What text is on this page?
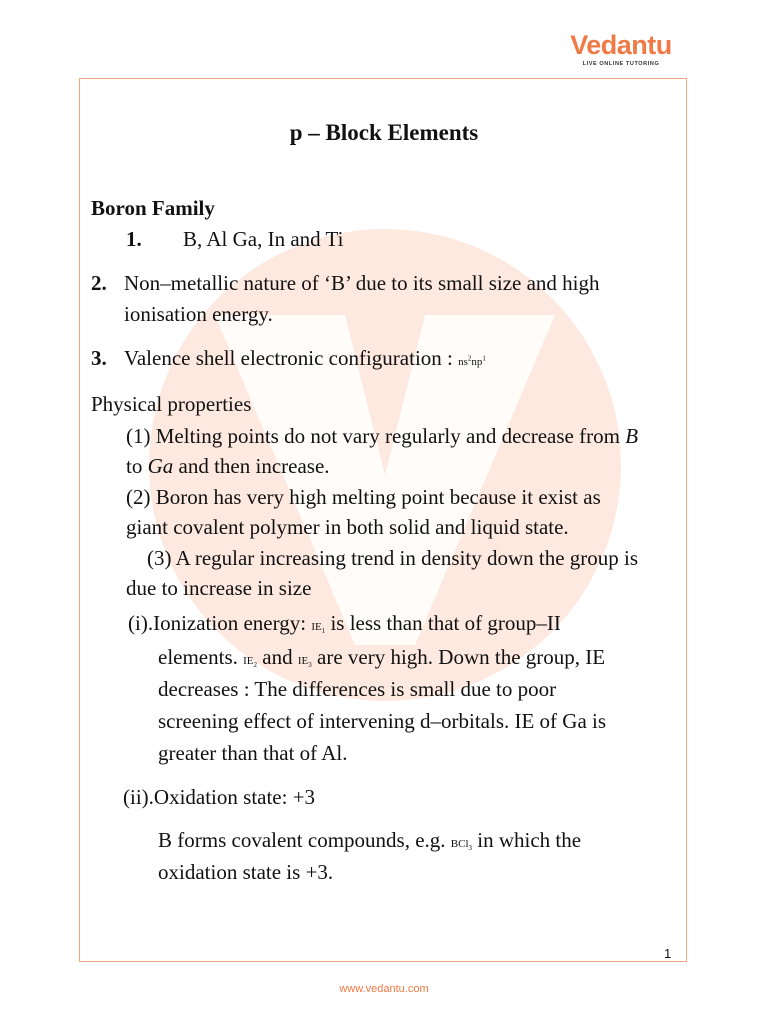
Vedantu
LIVE ONLINE TUTORING
p – Block Elements
Boron Family
1. B, Al Ga, In and Ti
2. Non–metallic nature of ‘B’ due to its small size and high
ionisation energy.
3. Valence shell electronic configuration : $ns^2np^1$
Physical properties
(1) Melting points do not vary regularly and decrease from B
to Ga and then increase.
(2) Boron has very high melting point because it exist as
giant covalent polymer in both solid and liquid state.
(3) A regular increasing trend in density down the group is
due to increase in size
(i).Ionization energy: $IE_1$ is less than that of group–II
elements. $IE_2$ and $IE_3$ are very high. Down the group, IE
decreases : The differences is small due to poor
screening effect of intervening d–orbitals. IE of Ga is
greater than that of Al.
(ii).Oxidation state: +3
B forms covalent compounds, e.g. BCl$_3$ in which the
oxidation state is +3.
1
www.vedantu.com
